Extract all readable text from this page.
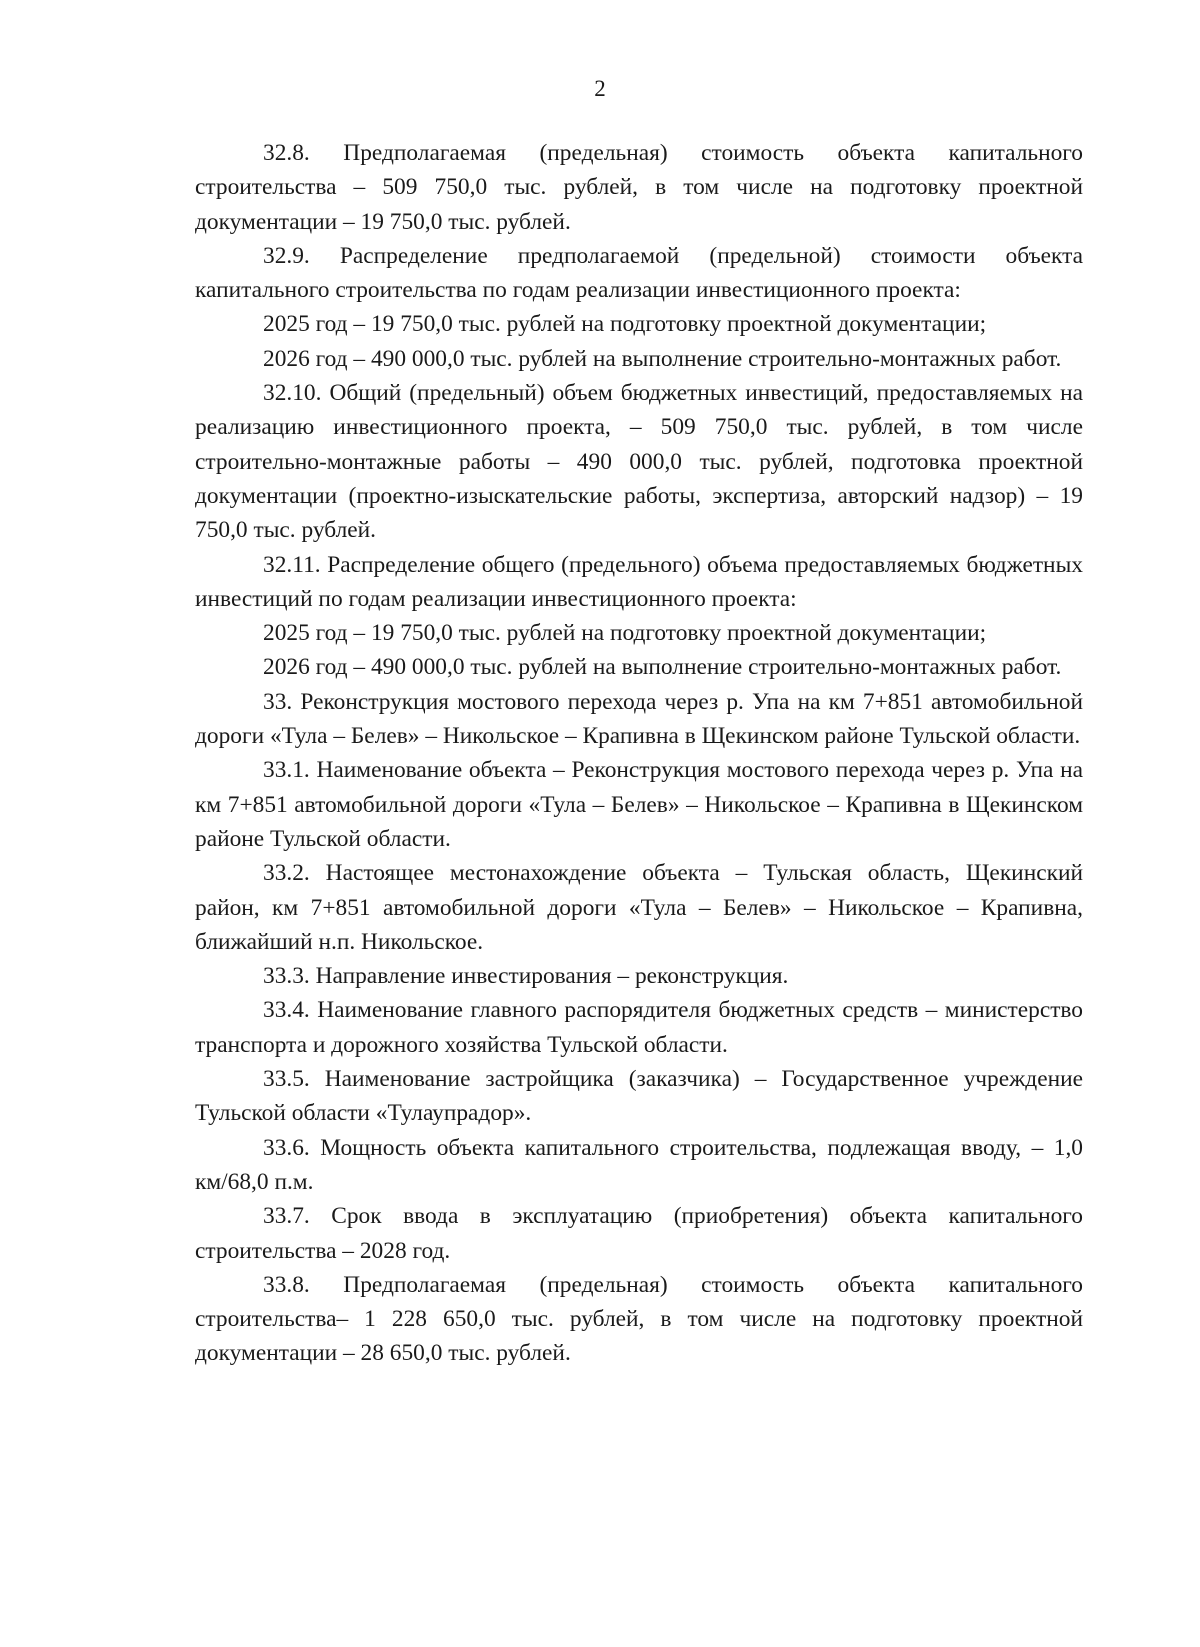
2

32.8. Предполагаемая (предельная) стоимость объекта капитального строительства – 509 750,0 тыс. рублей, в том числе на подготовку проектной документации – 19 750,0 тыс. рублей.

32.9. Распределение предполагаемой (предельной) стоимости объекта капитального строительства по годам реализации инвестиционного проекта:

2025 год – 19 750,0 тыс. рублей на подготовку проектной документации;

2026 год – 490 000,0 тыс. рублей на выполнение строительно-монтажных работ.

32.10. Общий (предельный) объем бюджетных инвестиций, предоставляемых на реализацию инвестиционного проекта, – 509 750,0 тыс. рублей, в том числе строительно-монтажные работы – 490 000,0 тыс. рублей, подготовка проектной документации (проектно-изыскательские работы, экспертиза, авторский надзор) – 19 750,0 тыс. рублей.

32.11. Распределение общего (предельного) объема предоставляемых бюджетных инвестиций по годам реализации инвестиционного проекта:

2025 год – 19 750,0 тыс. рублей на подготовку проектной документации;

2026 год – 490 000,0 тыс. рублей на выполнение строительно-монтажных работ.

33. Реконструкция мостового перехода через р. Упа на км 7+851 автомобильной дороги «Тула – Белев» – Никольское – Крапивна в Щекинском районе Тульской области.

33.1. Наименование объекта – Реконструкция мостового перехода через р. Упа на км 7+851 автомобильной дороги «Тула – Белев» – Никольское – Крапивна в Щекинском районе Тульской области.

33.2. Настоящее местонахождение объекта – Тульская область, Щекинский район, км 7+851 автомобильной дороги «Тула – Белев» – Никольское – Крапивна, ближайший н.п. Никольское.

33.3. Направление инвестирования – реконструкция.

33.4. Наименование главного распорядителя бюджетных средств – министерство транспорта и дорожного хозяйства Тульской области.

33.5. Наименование застройщика (заказчика) – Государственное учреждение Тульской области «Тулаупрадор».

33.6. Мощность объекта капитального строительства, подлежащая вводу, – 1,0 км/68,0 п.м.

33.7. Срок ввода в эксплуатацию (приобретения) объекта капитального строительства – 2028 год.

33.8. Предполагаемая (предельная) стоимость объекта капитального строительства– 1 228 650,0 тыс. рублей, в том числе на подготовку проектной документации – 28 650,0 тыс. рублей.
